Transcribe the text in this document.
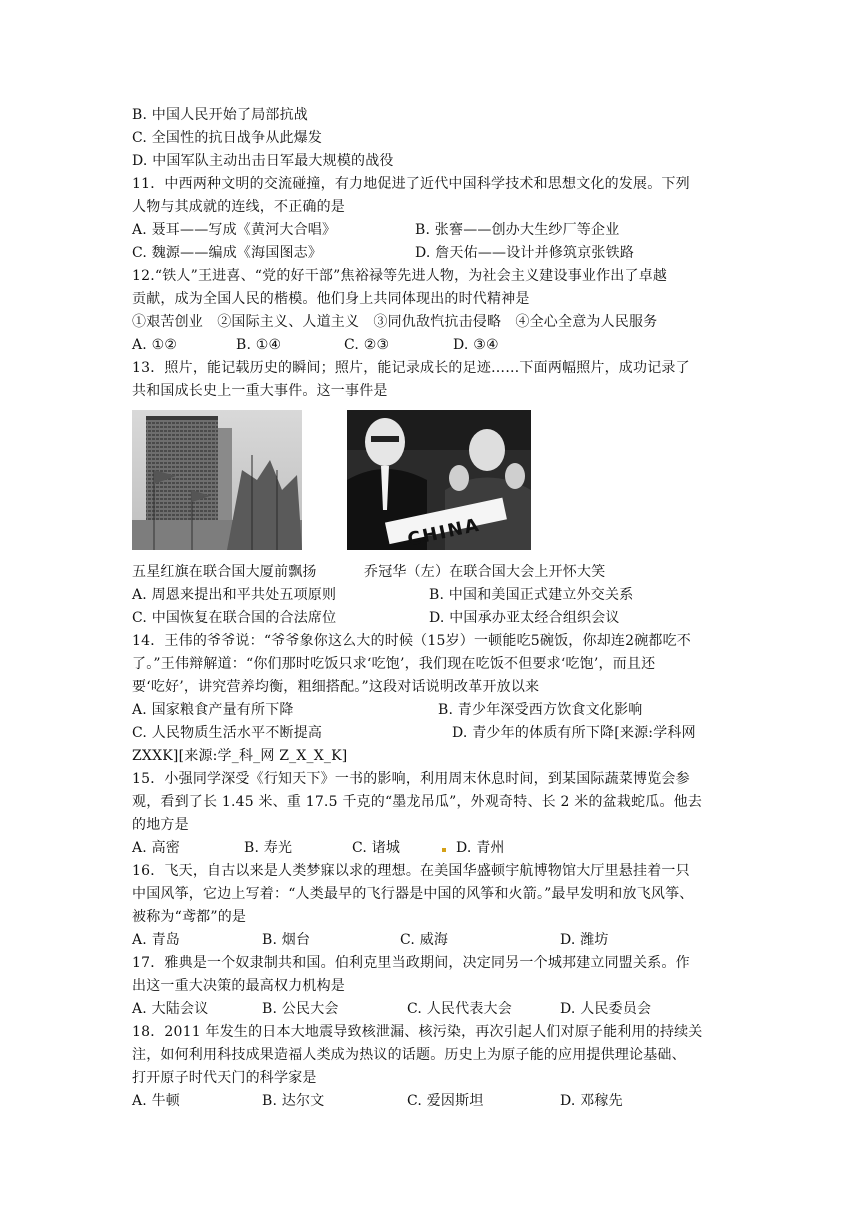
B. 中国人民开始了局部抗战
C. 全国性的抗日战争从此爆发
D. 中国军队主动出击日军最大规模的战役
11．中西两种文明的交流碰撞，有力地促进了近代中国科学技术和思想文化的发展。下列
人物与其成就的连线，不正确的是
A. 聂耳——写成《黄河大合唱》	B. 张謇——创办大生纱厂等企业
C. 魏源——编成《海国图志》	D. 詹天佑——设计并修筑京张铁路
12.“铁人”王进喜、“党的好干部”焦裕禄等先进人物，为社会主义建设事业作出了卓越
贡献，成为全国人民的楷模。他们身上共同体现出的时代精神是
①艰苦创业　②国际主义、人道主义　③同仇敌忾抗击侵略　④全心全意为人民服务
A. ①②	B. ①④	C. ②③	D. ③④
13．照片，能记载历史的瞬间；照片，能记录成长的足迹……下面两幅照片，成功记录了
共和国成长史上一重大事件。这一事件是
CHINA
五星红旗在联合国大厦前飘扬	乔冠华（左）在联合国大会上开怀大笑
A. 周恩来提出和平共处五项原则	B. 中国和美国正式建立外交关系
C. 中国恢复在联合国的合法席位	D. 中国承办亚太经合组织会议
14．王伟的爷爷说：“爷爷象你这么大的时候（15岁）一顿能吃5碗饭，你却连2碗都吃不
了。”王伟辩解道：“你们那时吃饭只求‘吃饱’，我们现在吃饭不但要求‘吃饱’，而且还
要‘吃好’，讲究营养均衡，粗细搭配。”这段对话说明改革开放以来
A. 国家粮食产量有所下降	B. 青少年深受西方饮食文化影响
C. 人民物质生活水平不断提高	D. 青少年的体质有所下降[来源:学科网
ZXXK][来源:学_科_网 Z_X_X_K]
15．小强同学深受《行知天下》一书的影响，利用周末休息时间，到某国际蔬菜博览会参
观，看到了长 1.45 米、重 17.5 千克的“墨龙吊瓜”，外观奇特、长 2 米的盆栽蛇瓜。他去
的地方是
A. 高密	B. 寿光	C. 诸城	D. 青州
16．飞天，自古以来是人类梦寐以求的理想。在美国华盛顿宇航博物馆大厅里悬挂着一只
中国风筝，它边上写着：“人类最早的飞行器是中国的风筝和火箭。”最早发明和放飞风筝、
被称为“鸢都”的是
A. 青岛	B. 烟台	C. 威海	D. 潍坊
17．雅典是一个奴隶制共和国。伯利克里当政期间，决定同另一个城邦建立同盟关系。作
出这一重大决策的最高权力机构是
A. 大陆会议	B. 公民大会	C. 人民代表大会	D. 人民委员会
18．2011 年发生的日本大地震导致核泄漏、核污染，再次引起人们对原子能利用的持续关
注，如何利用科技成果造福人类成为热议的话题。历史上为原子能的应用提供理论基础、
打开原子时代天门的科学家是
A. 牛顿	B. 达尔文	C. 爱因斯坦	D. 邓稼先
